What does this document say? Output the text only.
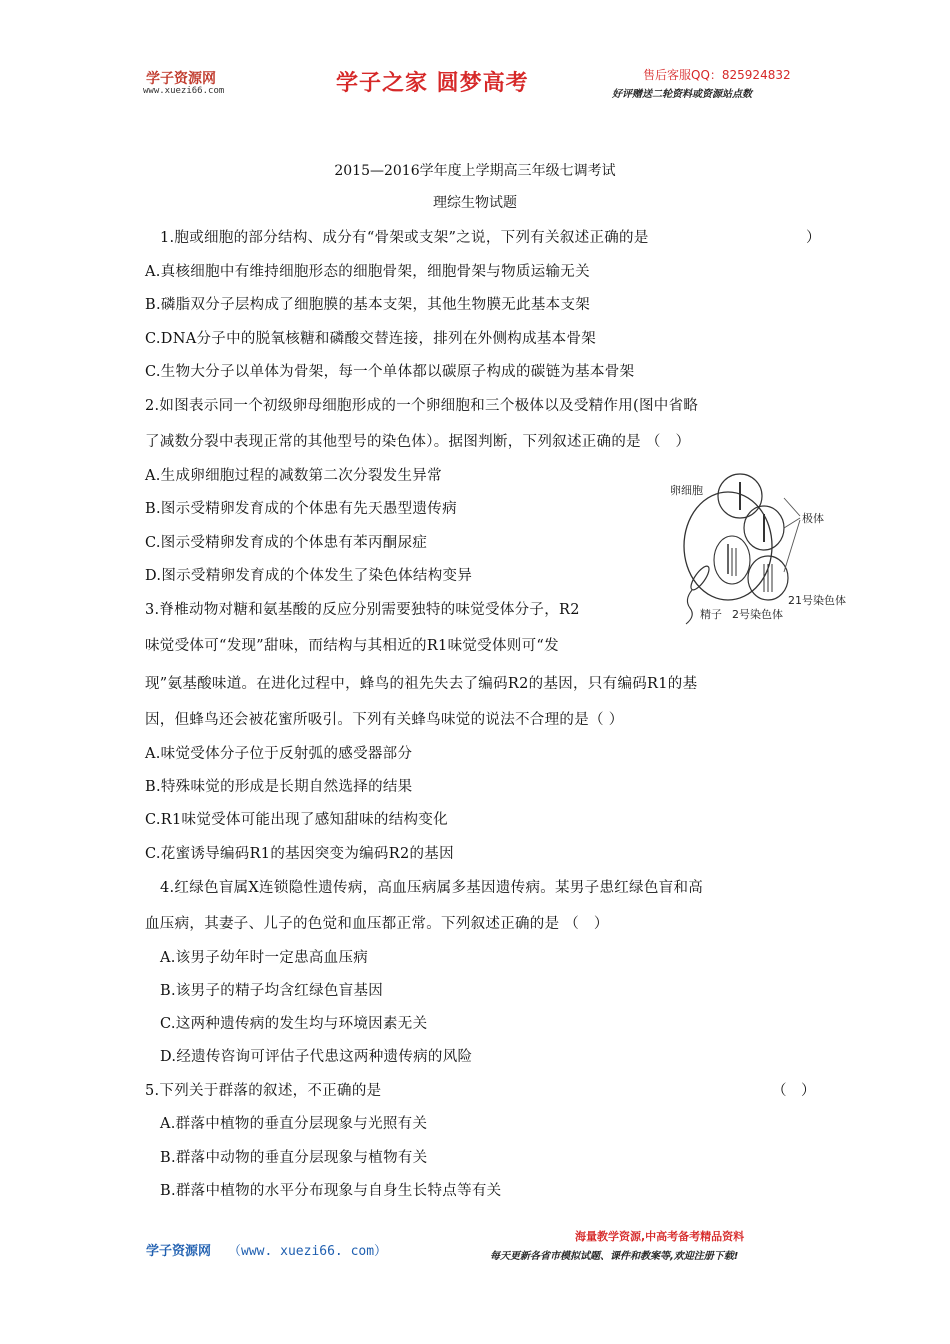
学子资源网
www.xuezi66.com	学子之家 圆梦高考	售后客服QQ：825924832
好评赠送二轮资料或资源站点数
2015—2016学年度上学期高三年级七调考试
理综生物试题
1.胞或细胞的部分结构、成分有“骨架或支架”之说，下列有关叙述正确的是	）
A.真核细胞中有维持细胞形态的细胞骨架，细胞骨架与物质运输无关
B.磷脂双分子层构成了细胞膜的基本支架，其他生物膜无此基本支架
C.DNA分子中的脱氧核糖和磷酸交替连接，排列在外侧构成基本骨架
C.生物大分子以单体为骨架，每一个单体都以碳原子构成的碳链为基本骨架
2.如图表示同一个初级卵母细胞形成的一个卵细胞和三个极体以及受精作用(图中省略
了减数分裂中表现正常的其他型号的染色体）。据图判断，下列叙述正确的是 （　）
A.生成卵细胞过程的减数第二次分裂发生异常
B.图示受精卵发育成的个体患有先天愚型遗传病
C.图示受精卵发育成的个体患有苯丙酮尿症
D.图示受精卵发育成的个体发生了染色体结构变异
卵细胞
极体
精子 2号染色体
21号染色体
3.脊椎动物对糖和氨基酸的反应分别需要独特的味觉受体分子，R2
味觉受体可“发现”甜味，而结构与其相近的R1味觉受体则可“发
现”氨基酸味道。在进化过程中，蜂鸟的祖先失去了编码R2的基因，只有编码R1的基
因，但蜂鸟还会被花蜜所吸引。下列有关蜂鸟味觉的说法不合理的是（ ）
A.味觉受体分子位于反射弧的感受器部分
B.特殊味觉的形成是长期自然选择的结果
C.R1味觉受体可能出现了感知甜味的结构变化
C.花蜜诱导编码R1的基因突变为编码R2的基因
4.红绿色盲属X连锁隐性遗传病，高血压病属多基因遗传病。某男子患红绿色盲和高
血压病，其妻子、儿子的色觉和血压都正常。下列叙述正确的是 （　）
A.该男子幼年时一定患高血压病
B.该男子的精子均含红绿色盲基因
C.这两种遗传病的发生均与环境因素无关
D.经遗传咨询可评估子代患这两种遗传病的风险
5.下列关于群落的叙述，不正确的是	（　）
A.群落中植物的垂直分层现象与光照有关
B.群落中动物的垂直分层现象与植物有关
B.群落中植物的水平分布现象与自身生长特点等有关
学子资源网 （www. xuezi66. com）
海量教学资源,中高考备考精品资料
每天更新各省市模拟试题、课件和教案等,欢迎注册下载!
